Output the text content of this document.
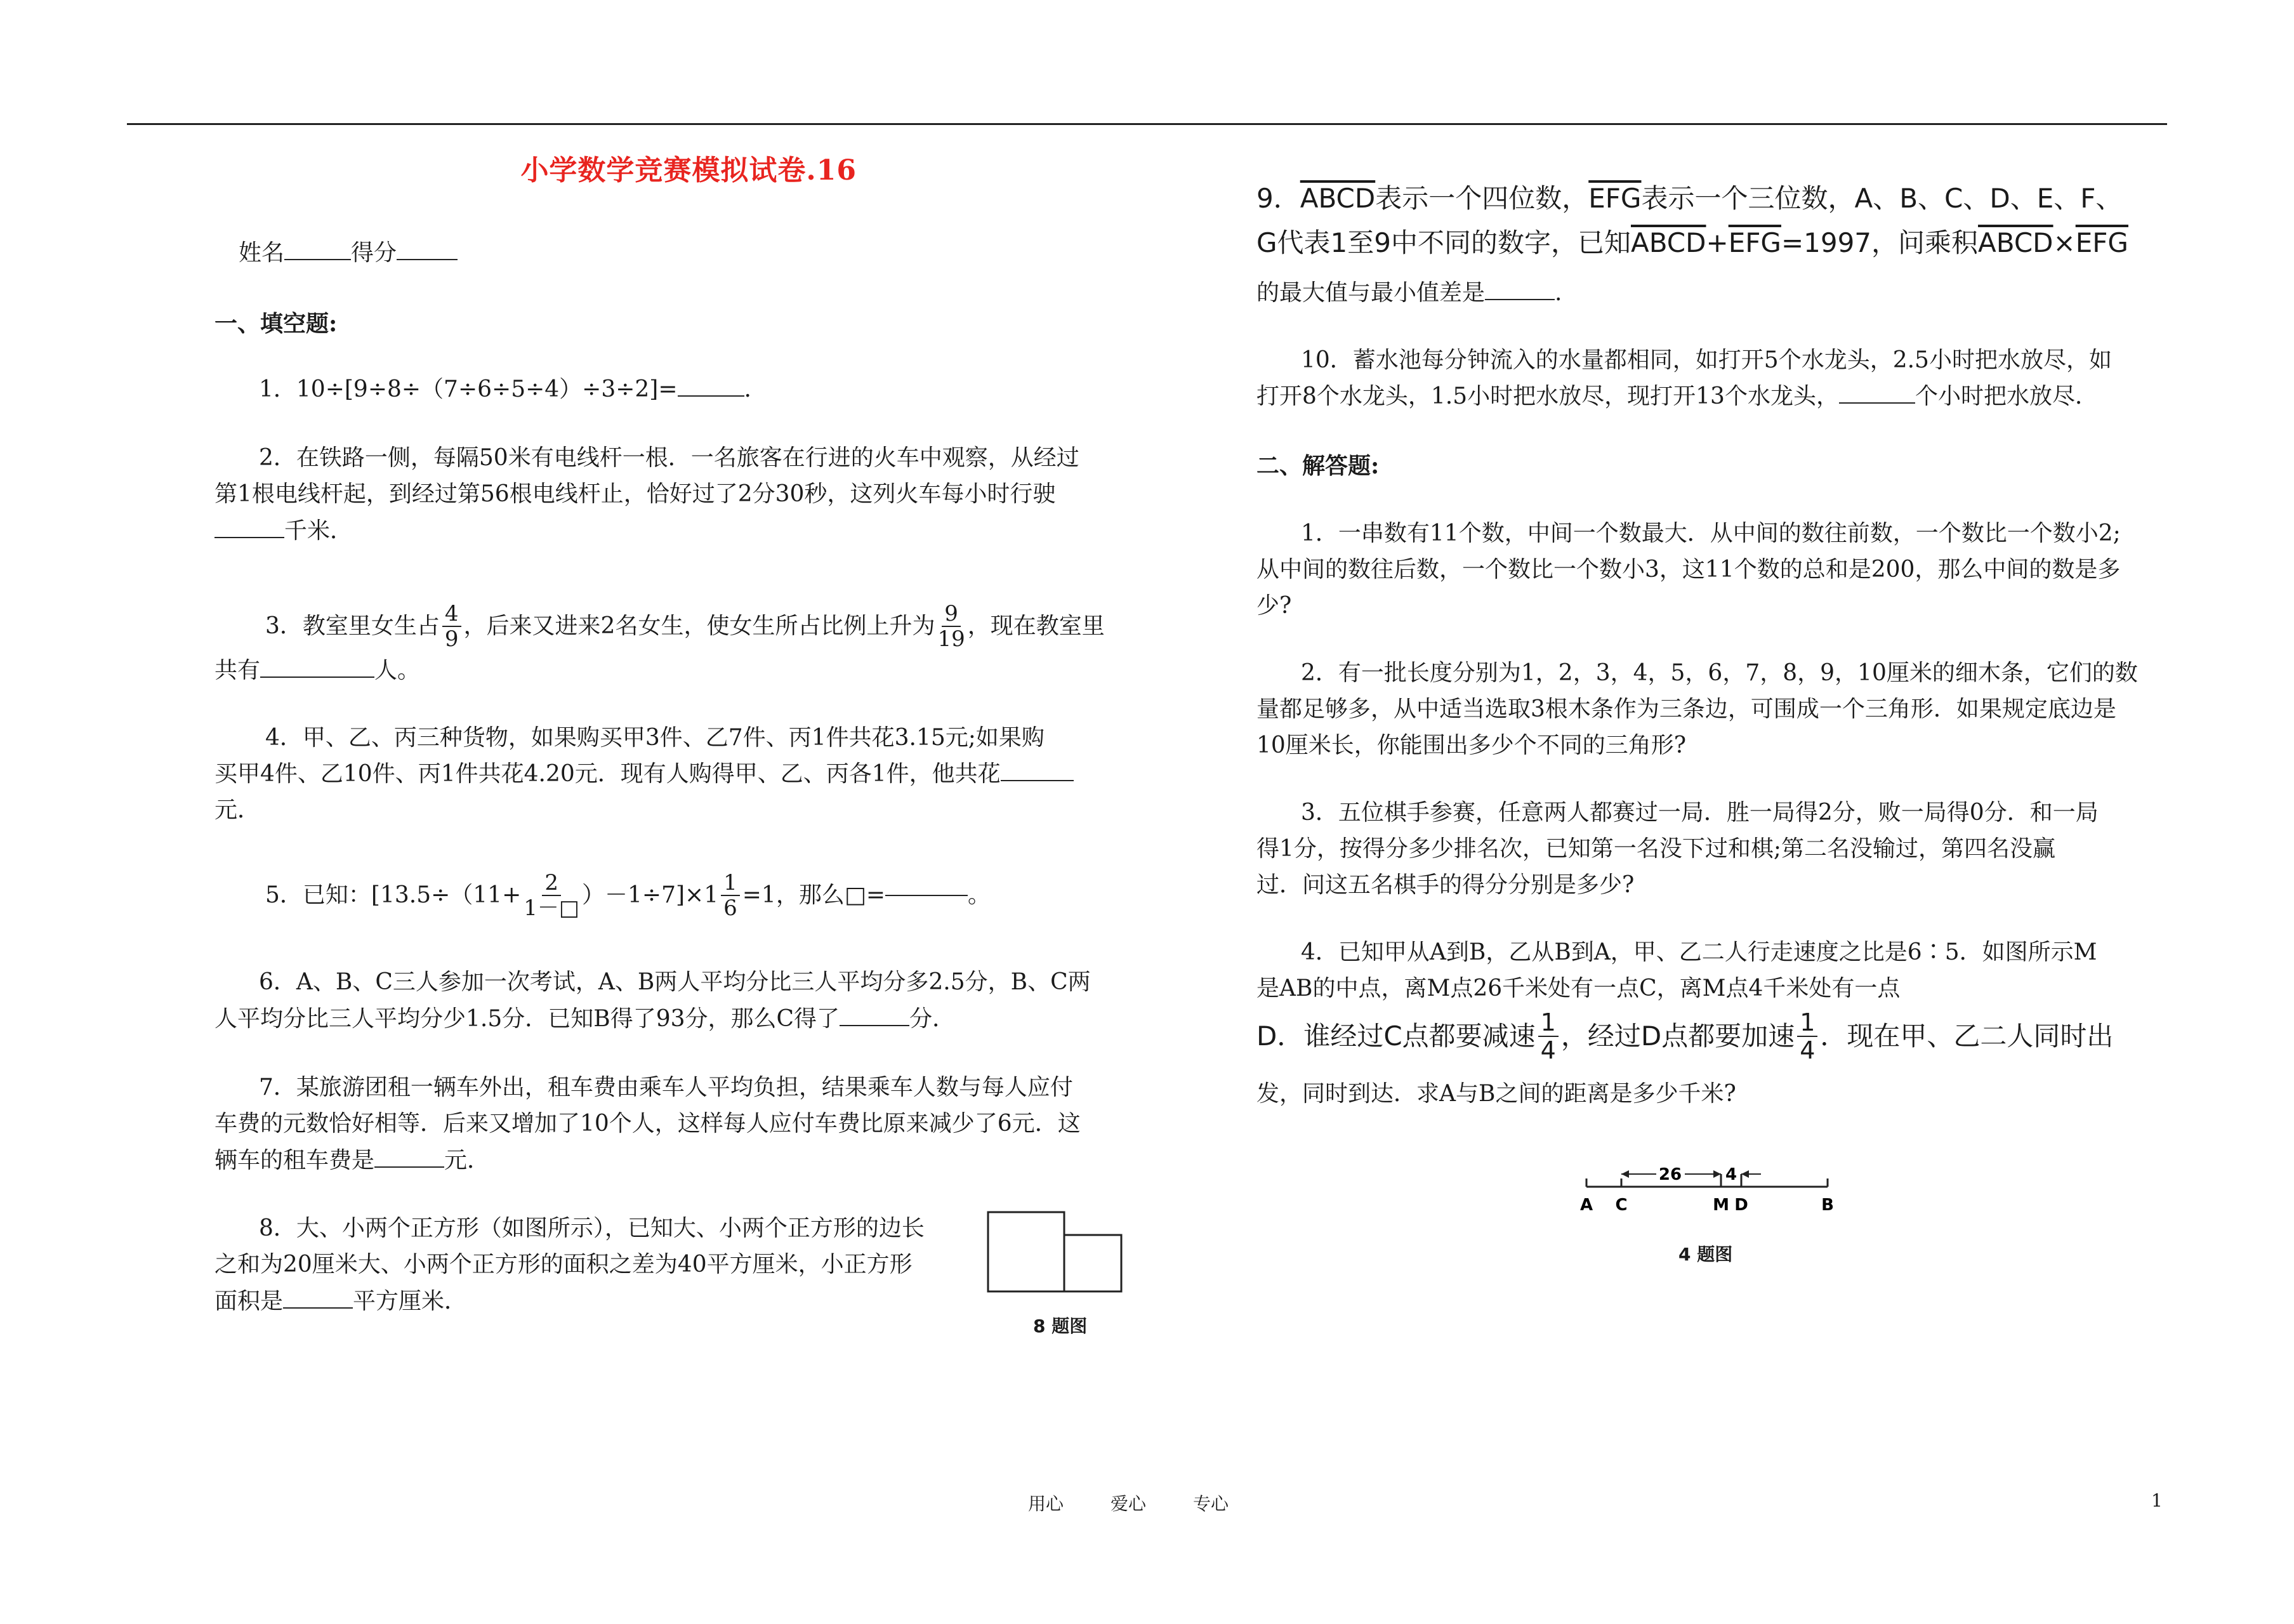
小学数学竞赛模拟试卷.16
姓名	得分
一、填空题:
1．10÷[9÷8÷（7÷6÷5÷4）÷3÷2]=	.
2．在铁路一侧，每隔50米有电线杆一根．一名旅客在行进的火车中观察，从经过
第1根电线杆起，到经过第56根电线杆止，恰好过了2分30秒，这列火车每小时行驶
千米．
3．教室里女生占 $\frac{4}{9}$ ，后来又进来2名女生，使女生所占比例上升为 $\frac{9}{19}$ ，现在教室里
共有	人。
4．甲、乙、丙三种货物，如果购买甲3件、乙7件、丙1件共花3.15元;如果购
买甲4件、乙10件、丙1件共花4.20元．现有人购得甲、乙、丙各1件，他共花
元．
5．已知：$[13.5\div(11+ \frac{2}{1-□} )-1\div 7]\times 1 \frac{1}{6} =1$，那么□=	。
6．A、B、C三人参加一次考试，A、B两人平均分比三人平均分多2.5分，B、C两
人平均分比三人平均分少1.5分．已知B得了93分，那么C得了	分．
7．某旅游团租一辆车外出，租车费由乘车人平均负担，结果乘车人数与每人应付
车费的元数恰好相等．后来又增加了10个人，这样每人应付车费比原来减少了6元．这
辆车的租车费是	元．
8．大、小两个正方形（如图所示），已知大、小两个正方形的边长
之和为20厘米大、小两个正方形的面积之差为40平方厘米，小正方形
面积是	平方厘米．
8 题图
9．ABCD表示一个四位数，$\overline{EFG}$表示一个三位数，A、B、C、D、E、F、
G代表1至9中不同的数字，已知$ABCD+\overline{EFG}=1997$，问乘积$ABCD\times\overline{EFG}$
的最大值与最小值差是	.
10．蓄水池每分钟流入的水量都相同，如打开5个水龙头，2.5小时把水放尽，如
打开8个水龙头，1.5小时把水放尽，现打开13个水龙头，	个小时把水放尽．
二、解答题:
1．一串数有11个数，中间一个数最大．从中间的数往前数，一个数比一个数小2;
从中间的数往后数，一个数比一个数小3，这11个数的总和是200，那么中间的数是多
少?
2．有一批长度分别为1，2，3，4，5，6，7，8，9，10厘米的细木条，它们的数
量都足够多，从中适当选取3根木条作为三条边，可围成一个三角形．如果规定底边是
10厘米长，你能围出多少个不同的三角形?
3．五位棋手参赛，任意两人都赛过一局．胜一局得2分，败一局得0分．和一局
得1分，按得分多少排名次，已知第一名没下过和棋;第二名没输过，第四名没赢
过．问这五名棋手的得分分别是多少?
4．已知甲从A到B，乙从B到A，甲、乙二人行走速度之比是6∶5．如图所示M
是AB的中点，离M点26千米处有一点C，离M点4千米处有一点
D．谁经过C点都要减速 $\frac{1}{4}$ ，经过D点都要加速 $\frac{1}{4}$ ．现在甲、乙二人同时出
发，同时到达．求A与B之间的距离是多少千米?
26	4
A C	M D	B
4 题图
用心	爱心	专心	1
